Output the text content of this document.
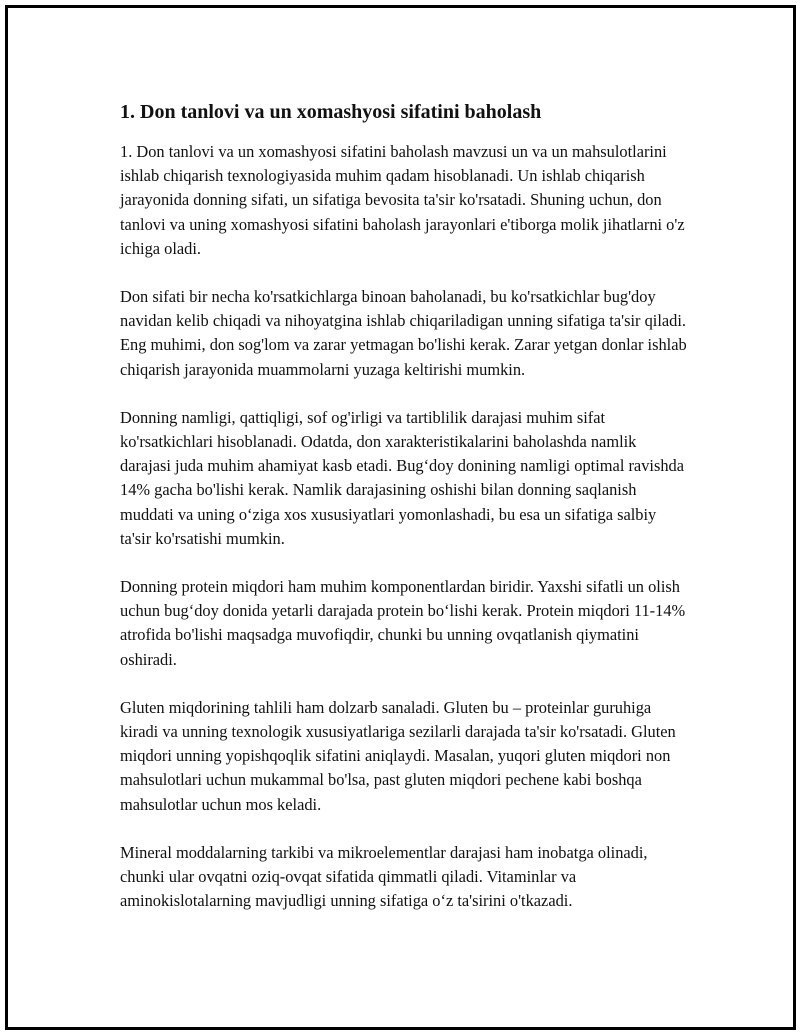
1. Don tanlovi va un xomashyosi sifatini baholash

1. Don tanlovi va un xomashyosi sifatini baholash mavzusi un va un mahsulotlarini ishlab chiqarish texnologiyasida muhim qadam hisoblanadi. Un ishlab chiqarish jarayonida donning sifati, un sifatiga bevosita ta'sir ko'rsatadi. Shuning uchun, don tanlovi va uning xomashyosi sifatini baholash jarayonlari e'tiborga molik jihatlarni o'z ichiga oladi.

Don sifati bir necha ko'rsatkichlarga binoan baholanadi, bu ko'rsatkichlar bug'doy navidan kelib chiqadi va nihoyatgina ishlab chiqariladigan unning sifatiga ta'sir qiladi. Eng muhimi, don sog'lom va zarar yetmagan bo'lishi kerak. Zarar yetgan donlar ishlab chiqarish jarayonida muammolarni yuzaga keltirishi mumkin.

Donning namligi, qattiqligi, sof og'irligi va tartiblilik darajasi muhim sifat ko'rsatkichlari hisoblanadi. Odatda, don xarakteristikalarini baholashda namlik darajasi juda muhim ahamiyat kasb etadi. Bug‘doy donining namligi optimal ravishda 14% gacha bo'lishi kerak. Namlik darajasining oshishi bilan donning saqlanish muddati va uning o‘ziga xos xususiyatlari yomonlashadi, bu esa un sifatiga salbiy ta'sir ko'rsatishi mumkin.

Donning protein miqdori ham muhim komponentlardan biridir. Yaxshi sifatli un olish uchun bug‘doy donida yetarli darajada protein bo‘lishi kerak. Protein miqdori 11-14% atrofida bo'lishi maqsadga muvofiqdir, chunki bu unning ovqatlanish qiymatini oshiradi.

Gluten miqdorining tahlili ham dolzarb sanaladi. Gluten bu – proteinlar guruhiga kiradi va unning texnologik xususiyatlariga sezilarli darajada ta'sir ko'rsatadi. Gluten miqdori unning yopishqoqlik sifatini aniqlaydi. Masalan, yuqori gluten miqdori non mahsulotlari uchun mukammal bo'lsa, past gluten miqdori pechene kabi boshqa mahsulotlar uchun mos keladi.

Mineral moddalarning tarkibi va mikroelementlar darajasi ham inobatga olinadi, chunki ular ovqatni oziq-ovqat sifatida qimmatli qiladi. Vitaminlar va aminokislotalarning mavjudligi unning sifatiga o‘z ta'sirini o'tkazadi.
